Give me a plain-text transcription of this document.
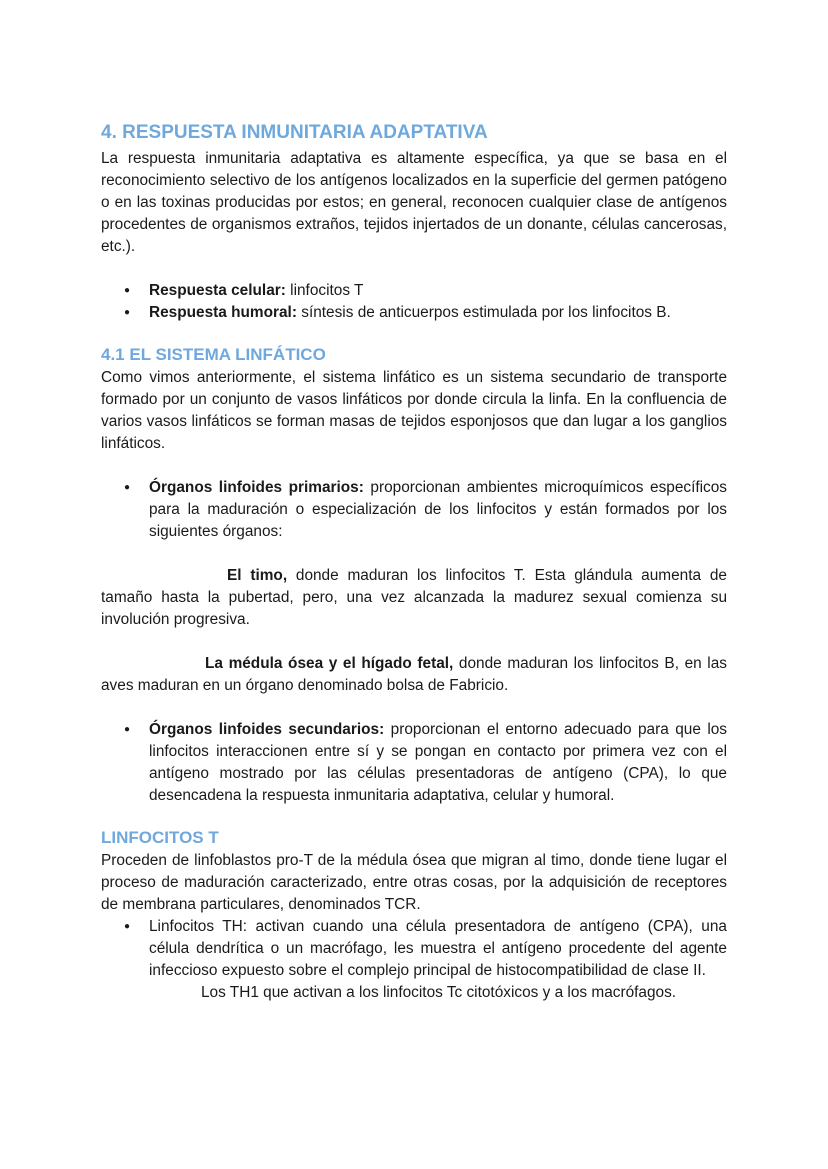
4. RESPUESTA INMUNITARIA ADAPTATIVA

La respuesta inmunitaria adaptativa es altamente específica, ya que se basa en el reconocimiento selectivo de los antígenos localizados en la superficie del germen patógeno o en las toxinas producidas por estos; en general, reconocen cualquier clase de antígenos procedentes de organismos extraños, tejidos injertados de un donante, células cancerosas, etc.).

● Respuesta celular: linfocitos T
● Respuesta humoral: síntesis de anticuerpos estimulada por los linfocitos B.
4.1 EL SISTEMA LINFÁTICO

Como vimos anteriormente, el sistema linfático es un sistema secundario de transporte formado por un conjunto de vasos linfáticos por donde circula la linfa. En la confluencia de varios vasos linfáticos se forman masas de tejidos esponjosos que dan lugar a los ganglios linfáticos.

● Órganos linfoides primarios: proporcionan ambientes microquímicos específicos para la maduración o especialización de los linfocitos y están formados por los siguientes órganos:

El timo, donde maduran los linfocitos T. Esta glándula aumenta de tamaño hasta la pubertad, pero, una vez alcanzada la madurez sexual comienza su involución progresiva.

La médula ósea y el hígado fetal, donde maduran los linfocitos B, en las aves maduran en un órgano denominado bolsa de Fabricio.

● Órganos linfoides secundarios: proporcionan el entorno adecuado para que los linfocitos interaccionen entre sí y se pongan en contacto por primera vez con el antígeno mostrado por las células presentadoras de antígeno (CPA), lo que desencadena la respuesta inmunitaria adaptativa, celular y humoral.
LINFOCITOS T

Proceden de linfoblastos pro-T de la médula ósea que migran al timo, donde tiene lugar el proceso de maduración caracterizado, entre otras cosas, por la adquisición de receptores de membrana particulares, denominados TCR.

● Linfocitos TH: activan cuando una célula presentadora de antígeno (CPA), una célula dendrítica o un macrófago, les muestra el antígeno procedente del agente infeccioso expuesto sobre el complejo principal de histocompatibilidad de clase II.

Los TH1 que activan a los linfocitos Tc citotóxicos y a los macrófagos.
